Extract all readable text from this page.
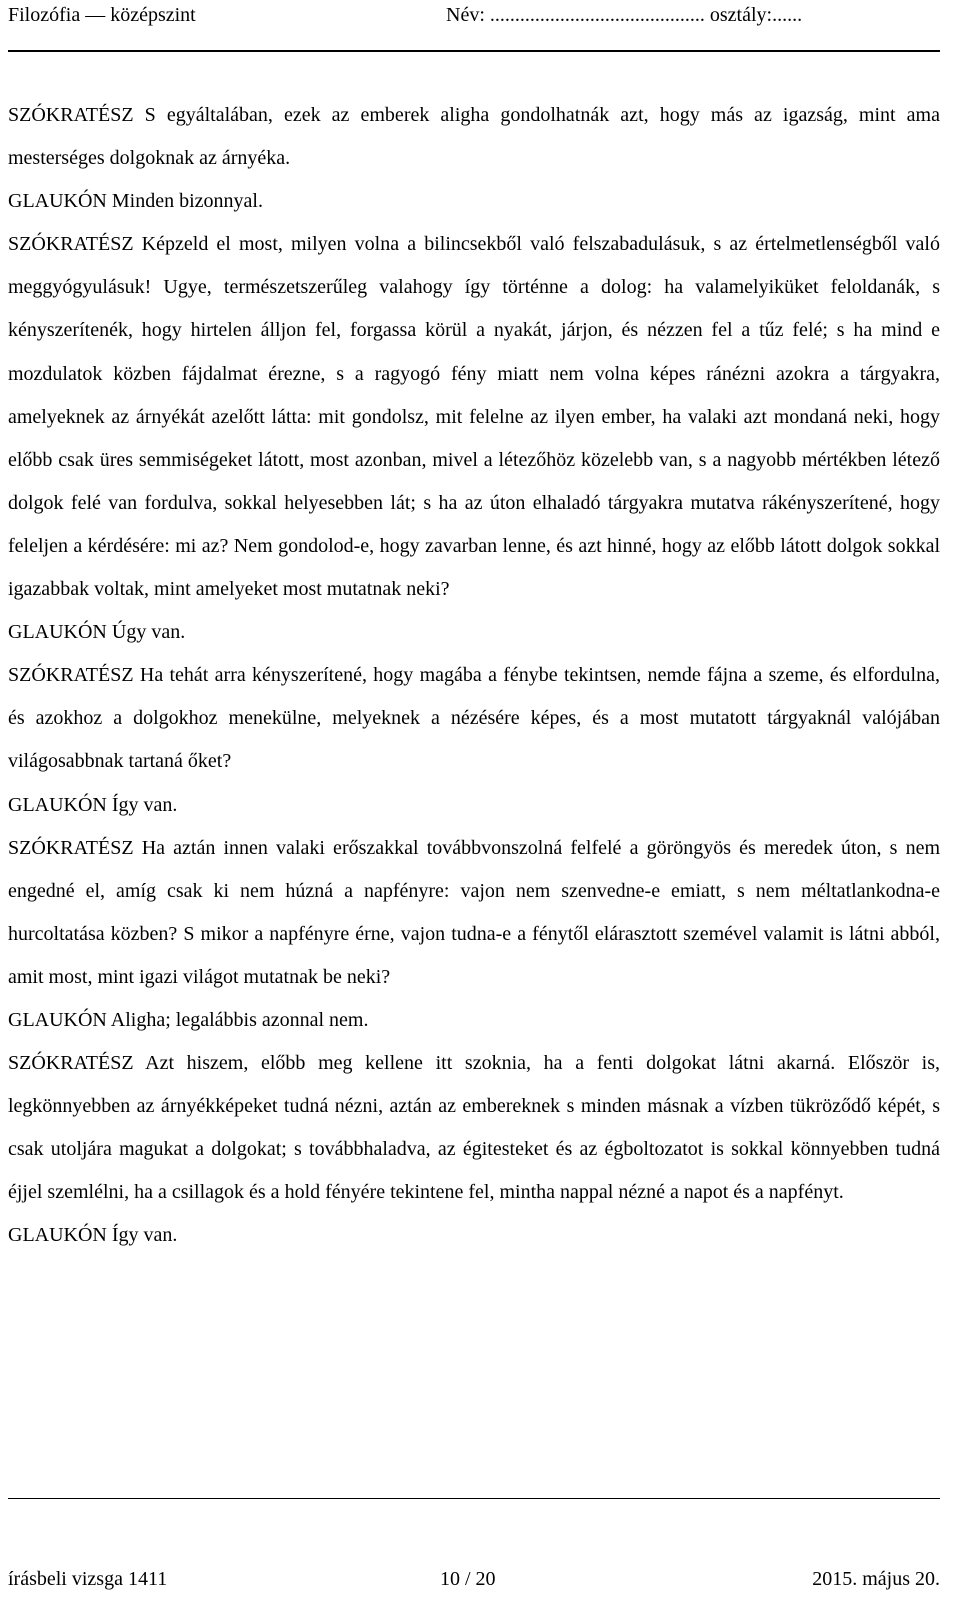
Filozófia — középszint	Név: ........................................... osztály:......

SZÓKRATÉSZ S egyáltalában, ezek az emberek aligha gondolhatnák azt, hogy más az igazság, mint ama mesterséges dolgoknak az árnyéka.

GLAUKÓN Minden bizonnyal.

SZÓKRATÉSZ Képzeld el most, milyen volna a bilincsekből való felszabadulásuk, s az értelmetlenségből való meggyógyulásuk! Ugye, természetszerűleg valahogy így történne a dolog: ha valamelyiküket feloldanák, s kényszerítenék, hogy hirtelen álljon fel, forgassa körül a nyakát, járjon, és nézzen fel a tűz felé; s ha mind e mozdulatok közben fájdalmat érezne, s a ragyogó fény miatt nem volna képes ránézni azokra a tárgyakra, amelyeknek az árnyékát azelőtt látta: mit gondolsz, mit felelne az ilyen ember, ha valaki azt mondaná neki, hogy előbb csak üres semmiségeket látott, most azonban, mivel a létezőhöz közelebb van, s a nagyobb mértékben létező dolgok felé van fordulva, sokkal helyesebben lát; s ha az úton elhaladó tárgyakra mutatva rákényszerítené, hogy feleljen a kérdésére: mi az? Nem gondolod-e, hogy zavarban lenne, és azt hinné, hogy az előbb látott dolgok sokkal igazabbak voltak, mint amelyeket most mutatnak neki?

GLAUKÓN Úgy van.

SZÓKRATÉSZ Ha tehát arra kényszerítené, hogy magába a fénybe tekintsen, nemde fájna a szeme, és elfordulna, és azokhoz a dolgokhoz menekülne, melyeknek a nézésére képes, és a most mutatott tárgyaknál valójában világosabbnak tartaná őket?

GLAUKÓN Így van.

SZÓKRATÉSZ Ha aztán innen valaki erőszakkal továbbvonszolná felfelé a göröngyös és meredek úton, s nem engedné el, amíg csak ki nem húzná a napfényre: vajon nem szenvedne-e emiatt, s nem méltatlankodna-e hurcoltatása közben? S mikor a napfényre érne, vajon tudna-e a fénytől elárasztott szemével valamit is látni abból, amit most, mint igazi világot mutatnak be neki?

GLAUKÓN Aligha; legalábbis azonnal nem.

SZÓKRATÉSZ Azt hiszem, előbb meg kellene itt szoknia, ha a fenti dolgokat látni akarná. Először is, legkönnyebben az árnyékképeket tudná nézni, aztán az embereknek s minden másnak a vízben tükröződő képét, s csak utoljára magukat a dolgokat; s továbbhaladva, az égitesteket és az égboltozatot is sokkal könnyebben tudná éjjel szemlélni, ha a csillagok és a hold fényére tekintene fel, mintha nappal nézné a napot és a napfényt.

GLAUKÓN Így van.

írásbeli vizsga 1411	10 / 20	2015. május 20.
